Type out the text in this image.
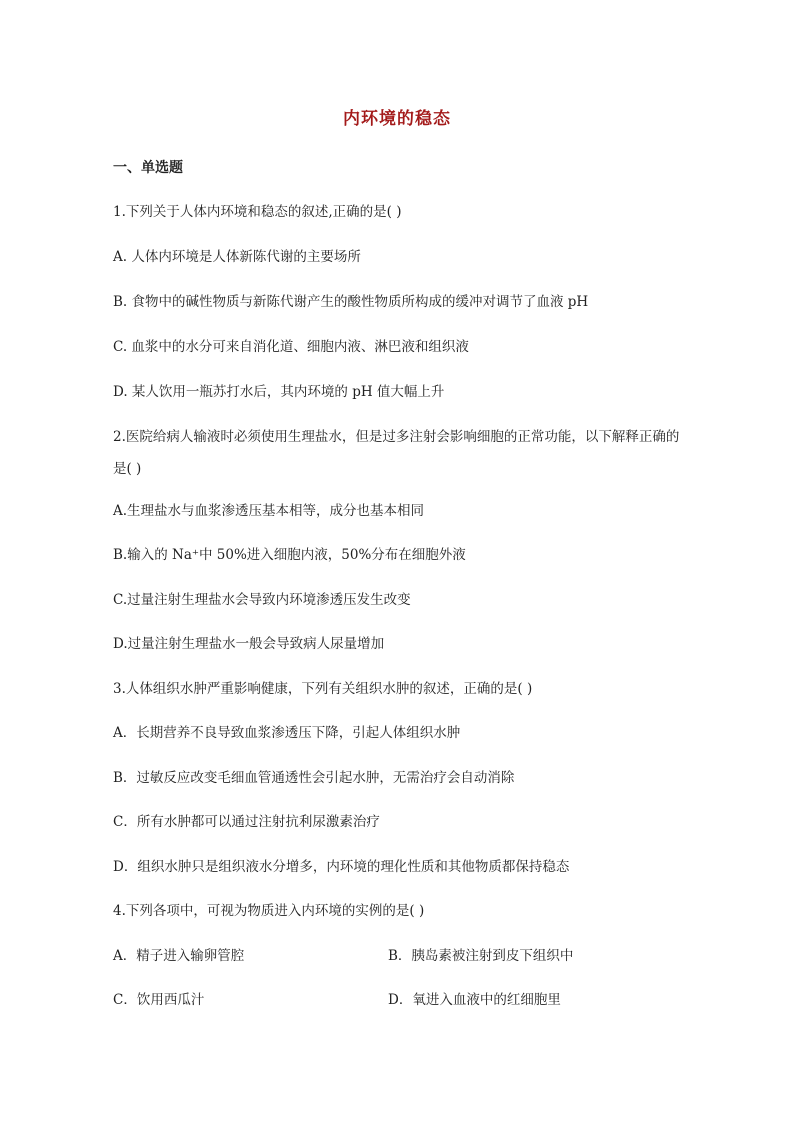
内环境的稳态
一、单选题
1.下列关于人体内环境和稳态的叙述,正确的是( )
A. 人体内环境是人体新陈代谢的主要场所
B. 食物中的碱性物质与新陈代谢产生的酸性物质所构成的缓冲对调节了血液 pH
C. 血浆中的水分可来自消化道、细胞内液、淋巴液和组织液
D. 某人饮用一瓶苏打水后，其内环境的 pH 值大幅上升
2.医院给病人输液时必须使用生理盐水，但是过多注射会影响细胞的正常功能，以下解释正确的是( )
A.生理盐水与血浆渗透压基本相等，成分也基本相同
B.输入的 Na⁺中 50%进入细胞内液，50%分布在细胞外液
C.过量注射生理盐水会导致内环境渗透压发生改变
D.过量注射生理盐水一般会导致病人尿量增加
3.人体组织水肿严重影响健康，下列有关组织水肿的叙述，正确的是( )
A．长期营养不良导致血浆渗透压下降，引起人体组织水肿
B．过敏反应改变毛细血管通透性会引起水肿，无需治疗会自动消除
C．所有水肿都可以通过注射抗利尿激素治疗
D．组织水肿只是组织液水分增多，内环境的理化性质和其他物质都保持稳态
4.下列各项中，可视为物质进入内环境的实例的是( )
A．精子进入输卵管腔	B．胰岛素被注射到皮下组织中
C．饮用西瓜汁	D．氧进入血液中的红细胞里
